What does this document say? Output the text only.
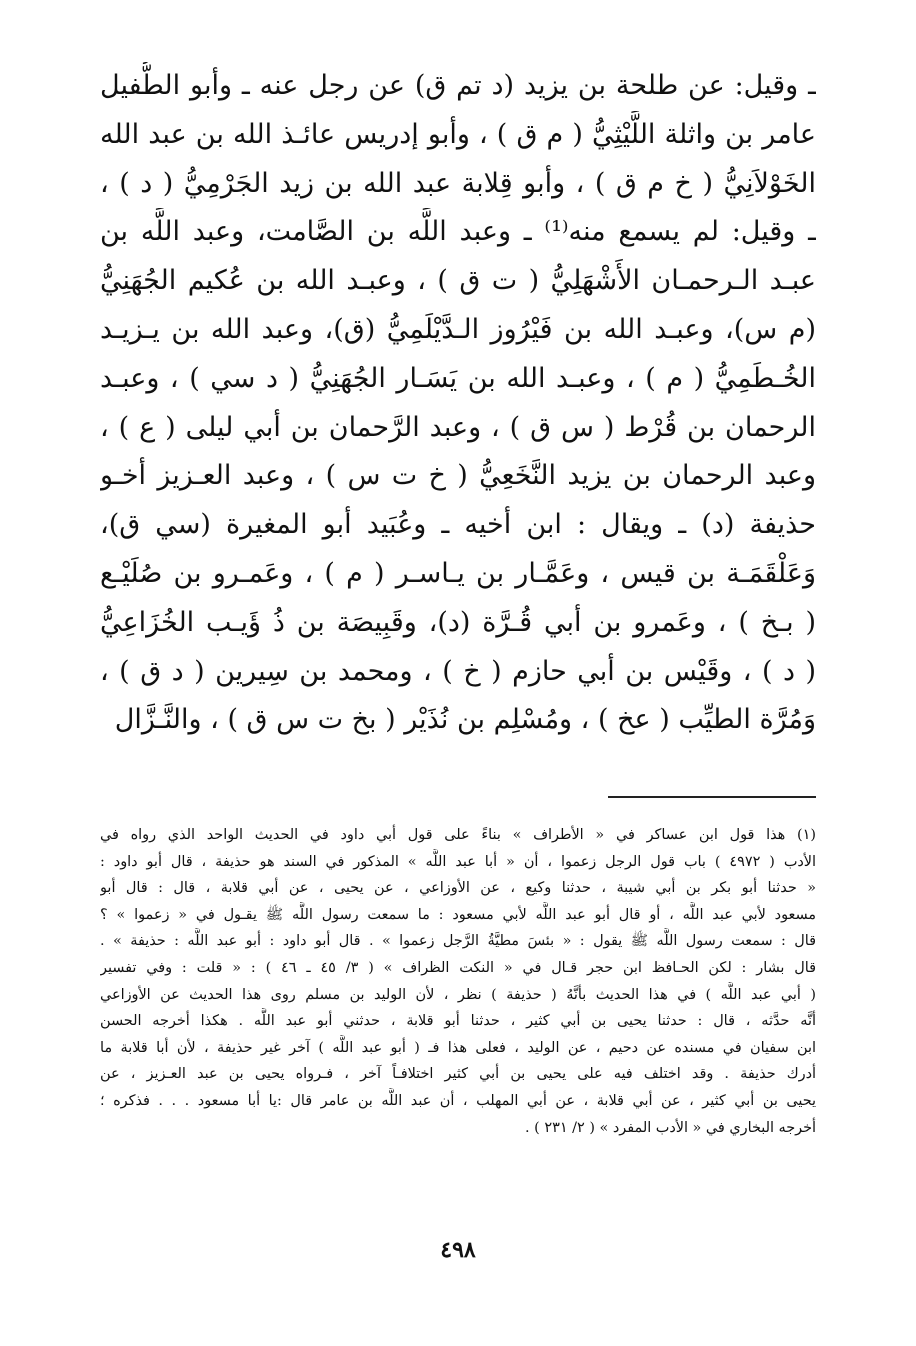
ـ وقيل: عن طلحة بن يزيد (د تم ق) عن رجل عنه ـ وأبو الطُّفيل
عامر بن واثلة اللَّيْثِيُّ ( م ق ) ، وأبو إدريس عائـذ الله بن عبد الله
الخَوْلاَنِيُّ ( خ م ق ) ، وأبو قِلابة عبد الله بن زيد الجَرْمِيُّ ( د ) ،
ـ وقيل: لم يسمع منه⁽¹⁾ ـ وعبد اللَّه بن الصَّامت، وعبد اللَّه بن
عبـد الـرحمـان الأَشْهَلِيُّ ( ت ق ) ، وعبـد الله بن عُكيم الجُهَنِيُّ
(م س)، وعبـد الله بن فَيْرُوز الـدَّيْلَمِيُّ (ق)، وعبد الله بن يـزيـد
الخُـطَمِيُّ ( م ) ، وعبـد الله بن يَسَـار الجُهَنِيُّ ( د سي ) ، وعبـد
الرحمان بن قُرْط ( س ق ) ، وعبد الرَّحمان بن أبي ليلى ( ع ) ،
وعبد الرحمان بن يزيد النَّخَعِيُّ ( خ ت س ) ، وعبد العـزيز أخـو
حذيفة (د) ـ ويقال : ابن أخيه ـ وعُبَيد أبو المغيرة (سي ق)،
وَعَلْقَمَـة بن قيس ، وعَمَّـار بن يـاسـر ( م ) ، وعَمـرو بن صُلَيْـع
( بـخ ) ، وعَمرو بن أبي قُـرَّة (د)، وقَبِيصَة بن ذُ ؤَيـب الخُزَاعِيُّ
( د ) ، وقَيْس بن أبي حازم ( خ ) ، ومحمد بن سِيرين ( د ق ) ،
وَمُرَّة الطيِّب ( عخ ) ، ومُسْلِم بن نُذَيْر ( بخ ت س ق ) ، والنَّـزَّال
(١) هذا قول ابن عساكر في « الأطراف » بناءً على قول أبي داود في الحديث الواحد الذي رواه في
الأدب ( ٤٩٧٢ ) باب قول الرجل زعموا ، أن « أبا عبد اللَّه » المذكور في السند هو حذيفة ، قال أبو داود :
« حدثنا أبو بكر بن أبي شيبة ، حدثنا وكيع ، عن الأوزاعي ، عن يحيى ، عن أبي قلابة ، قال : قال أبو
مسعود لأبي عبد اللَّه ، أو قال أبو عبد اللَّه لأبي مسعود : ما سمعت رسول اللَّه ﷺ يقـول في « زعموا » ؟
قال : سمعت رسول اللَّه ﷺ يقول : « بئسَ مطيَّةُ الرَّجل زعموا » . قال أبو داود : أبو عبد اللَّه : حذيفة » .
قال بشار : لكن الحـافظ ابن حجر قـال في « النكت الظراف » ( ٣/ ٤٥ ـ ٤٦ ) : « قلت : وفي تفسير
( أبي عبد اللَّه ) في هذا الحديث بأنَّهُ ( حذيفة ) نظر ، لأن الوليد بن مسلم روى هذا الحديث عن الأوزاعي
أنَّه حدَّثه ، قال : حدثنا يحيى بن أبي كثير ، حدثنا أبو قلابة ، حدثني أبو عبد اللَّه . هكذا أخرجه الحسن
ابن سفيان في مسنده عن دحيم ، عن الوليد ، فعلى هذا فـ ( أبو عبد اللَّه ) آخر غير حذيفة ، لأن أبا قلابة ما
أدرك حذيفة . وقد اختلف فيه على يحيى بن أبي كثير اختلافـاً آخر ، فـرواه يحيى بن عبد العـزيز ، عن
يحيى بن أبي كثير ، عن أبي قلابة ، عن أبي المهلب ، أن عبد اللَّه بن عامر قال :يا أبا مسعود . . . فذكره ؛
أخرجه البخاري في « الأدب المفرد » ( ٢/ ٢٣١ ) .
٤٩٨
